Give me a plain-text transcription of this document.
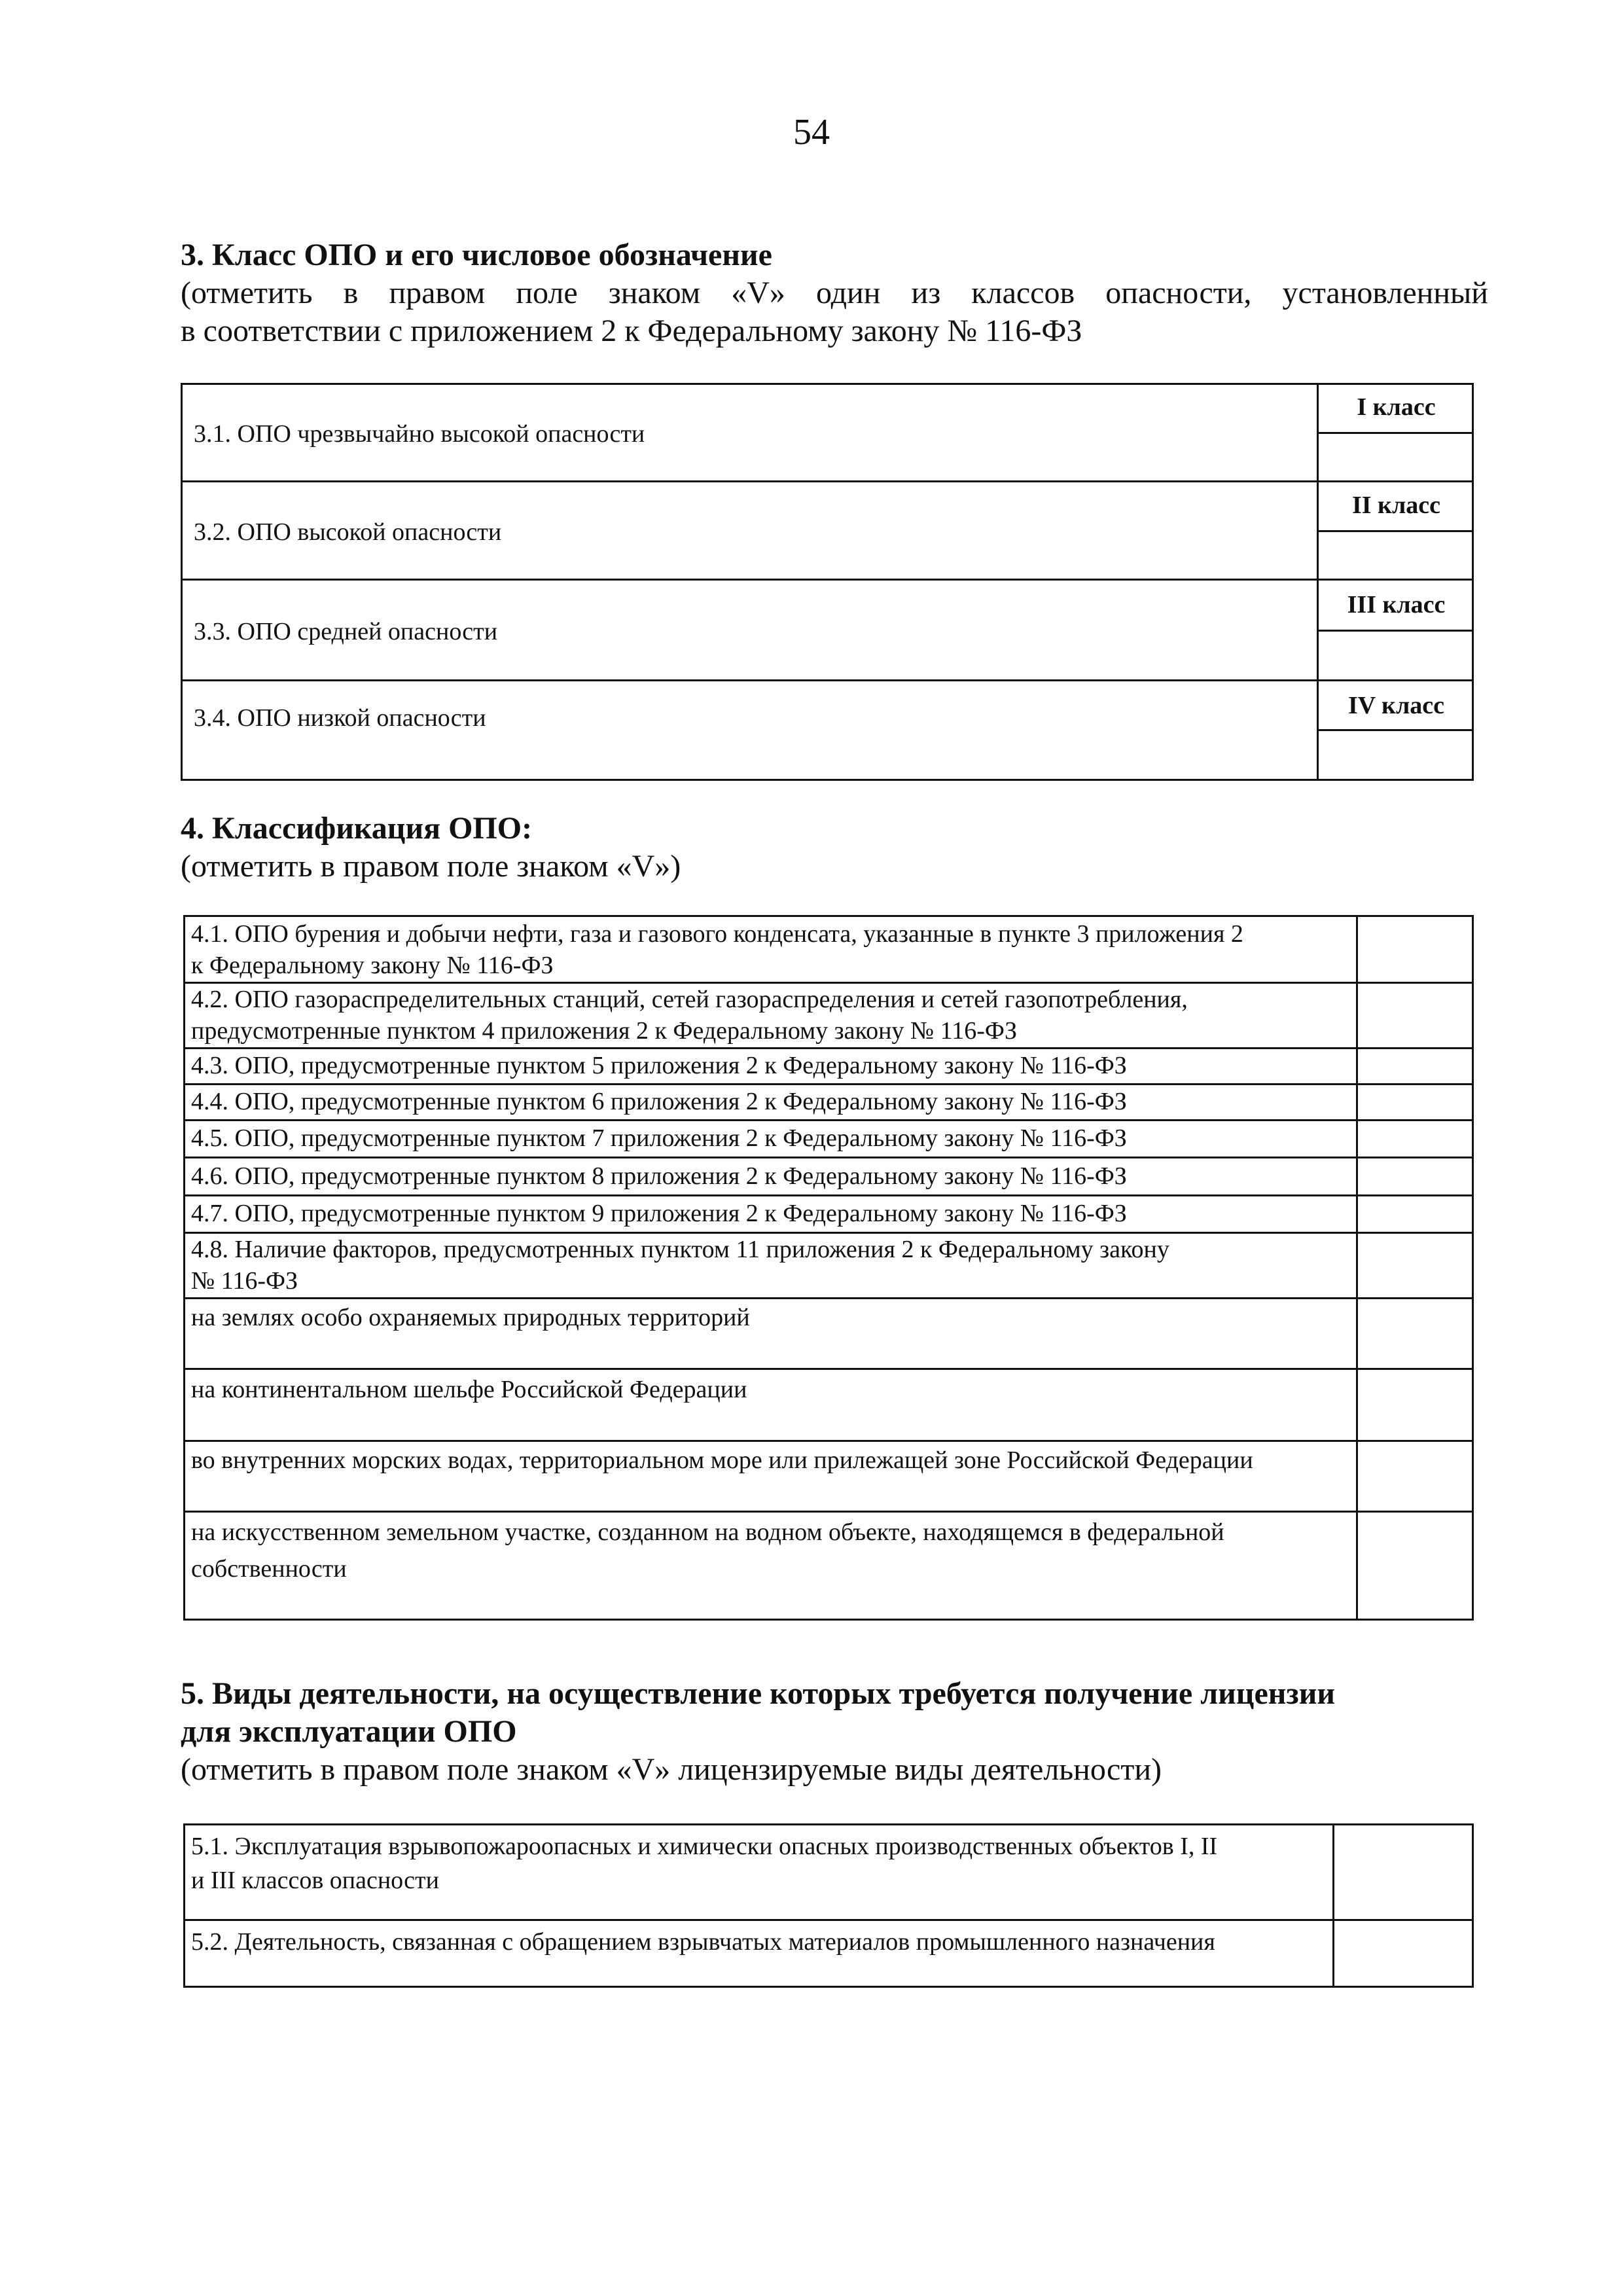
54
3. Класс ОПО и его числовое обозначение
(отметить в правом поле знаком «V» один из классов опасности, установленный
в соответствии с приложением 2 к Федеральному закону № 116-ФЗ
3.1. ОПО чрезвычайно высокой опасности
I класс
3.2. ОПО высокой опасности
II класс
3.3. ОПО средней опасности
III класс
3.4. ОПО низкой опасности	IV класс
4. Классификация ОПО:
(отметить в правом поле знаком «V»)
4.1. ОПО бурения и добычи нефти, газа и газового конденсата, указанные в пункте 3 приложения 2
к Федеральному закону № 116-ФЗ
4.2. ОПО газораспределительных станций, сетей газораспределения и сетей газопотребления,
предусмотренные пунктом 4 приложения 2 к Федеральному закону № 116-ФЗ
4.3. ОПО, предусмотренные пунктом 5 приложения 2 к Федеральному закону № 116-ФЗ
4.4. ОПО, предусмотренные пунктом 6 приложения 2 к Федеральному закону № 116-ФЗ
4.5. ОПО, предусмотренные пунктом 7 приложения 2 к Федеральному закону № 116-ФЗ
4.6. ОПО, предусмотренные пунктом 8 приложения 2 к Федеральному закону № 116-ФЗ
4.7. ОПО, предусмотренные пунктом 9 приложения 2 к Федеральному закону № 116-ФЗ
4.8. Наличие факторов, предусмотренных пунктом 11 приложения 2 к Федеральному закону
№ 116-ФЗ
на землях особо охраняемых природных территорий
на континентальном шельфе Российской Федерации
во внутренних морских водах, территориальном море или прилежащей зоне Российской Федерации
на искусственном земельном участке, созданном на водном объекте, находящемся в федеральной
собственности
5. Виды деятельности, на осуществление которых требуется получение лицензии
для эксплуатации ОПО
(отметить в правом поле знаком «V» лицензируемые виды деятельности)
5.1. Эксплуатация взрывопожароопасных и химически опасных производственных объектов I, II
и III классов опасности
5.2. Деятельность, связанная с обращением взрывчатых материалов промышленного назначения
